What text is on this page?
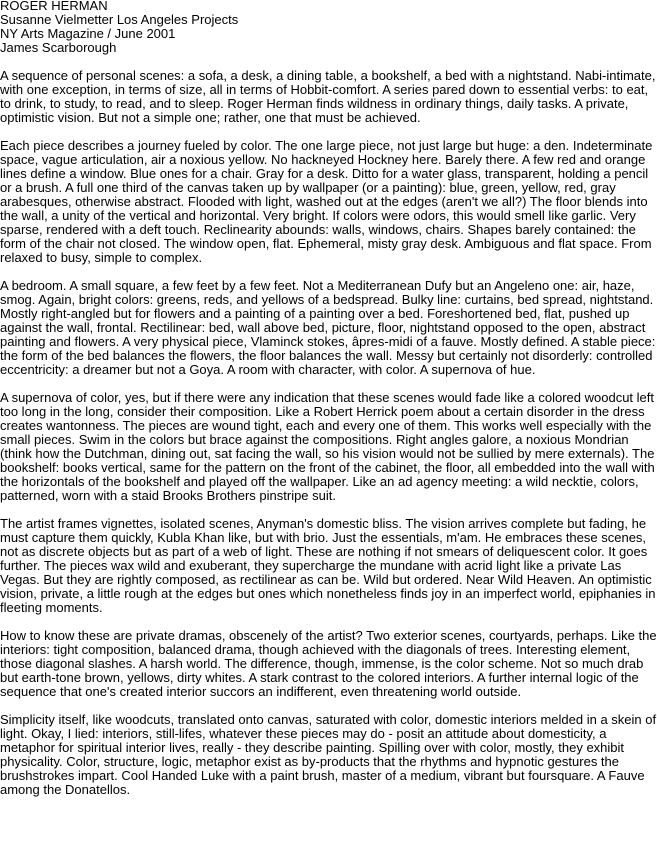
ROGER HERMAN
Susanne Vielmetter Los Angeles Projects
NY Arts Magazine / June 2001
James Scarborough

A sequence of personal scenes: a sofa, a desk, a dining table, a bookshelf, a bed with a nightstand. Nabi-intimate, with one exception, in terms of size, all in terms of Hobbit-comfort. A series pared down to essential verbs: to eat, to drink, to study, to read, and to sleep. Roger Herman finds wildness in ordinary things, daily tasks. A private, optimistic vision. But not a simple one; rather, one that must be achieved.

Each piece describes a journey fueled by color. The one large piece, not just large but huge: a den. Indeterminate space, vague articulation, air a noxious yellow. No hackneyed Hockney here. Barely there. A few red and orange lines define a window. Blue ones for a chair. Gray for a desk. Ditto for a water glass, transparent, holding a pencil or a brush. A full one third of the canvas taken up by wallpaper (or a painting): blue, green, yellow, red, gray arabesques, otherwise abstract. Flooded with light, washed out at the edges (aren't we all?) The floor blends into the wall, a unity of the vertical and horizontal. Very bright. If colors were odors, this would smell like garlic. Very sparse, rendered with a deft touch. Reclinearity abounds: walls, windows, chairs. Shapes barely contained: the form of the chair not closed. The window open, flat. Ephemeral, misty gray desk. Ambiguous and flat space. From relaxed to busy, simple to complex.

A bedroom. A small square, a few feet by a few feet. Not a Mediterranean Dufy but an Angeleno one: air, haze, smog. Again, bright colors: greens, reds, and yellows of a bedspread. Bulky line: curtains, bed spread, nightstand. Mostly right-angled but for flowers and a painting of a painting over a bed. Foreshortened bed, flat, pushed up against the wall, frontal. Rectilinear: bed, wall above bed, picture, floor, nightstand opposed to the open, abstract painting and flowers. A very physical piece, Vlaminck stokes, âpres-midi of a fauve. Mostly defined. A stable piece: the form of the bed balances the flowers, the floor balances the wall. Messy but certainly not disorderly: controlled eccentricity: a dreamer but not a Goya. A room with character, with color. A supernova of hue.

A supernova of color, yes, but if there were any indication that these scenes would fade like a colored woodcut left too long in the long, consider their composition. Like a Robert Herrick poem about a certain disorder in the dress creates wantonness. The pieces are wound tight, each and every one of them. This works well especially with the small pieces. Swim in the colors but brace against the compositions. Right angles galore, a noxious Mondrian (think how the Dutchman, dining out, sat facing the wall, so his vision would not be sullied by mere externals). The bookshelf: books vertical, same for the pattern on the front of the cabinet, the floor, all embedded into the wall with the horizontals of the bookshelf and played off the wallpaper. Like an ad agency meeting: a wild necktie, colors, patterned, worn with a staid Brooks Brothers pinstripe suit.

The artist frames vignettes, isolated scenes, Anyman's domestic bliss. The vision arrives complete but fading, he must capture them quickly, Kubla Khan like, but with brio. Just the essentials, m'am. He embraces these scenes, not as discrete objects but as part of a web of light. These are nothing if not smears of deliquescent color. It goes further. The pieces wax wild and exuberant, they supercharge the mundane with acrid light like a private Las Vegas. But they are rightly composed, as rectilinear as can be. Wild but ordered. Near Wild Heaven. An optimistic vision, private, a little rough at the edges but ones which nonetheless finds joy in an imperfect world, epiphanies in fleeting moments.

How to know these are private dramas, obscenely of the artist? Two exterior scenes, courtyards, perhaps. Like the interiors: tight composition, balanced drama, though achieved with the diagonals of trees. Interesting element, those diagonal slashes. A harsh world. The difference, though, immense, is the color scheme. Not so much drab but earth-tone brown, yellows, dirty whites. A stark contrast to the colored interiors. A further internal logic of the sequence that one's created interior succors an indifferent, even threatening world outside.

Simplicity itself, like woodcuts, translated onto canvas, saturated with color, domestic interiors melded in a skein of light. Okay, I lied: interiors, still-lifes, whatever these pieces may do - posit an attitude about domesticity, a metaphor for spiritual interior lives, really - they describe painting. Spilling over with color, mostly, they exhibit physicality. Color, structure, logic, metaphor exist as by-products that the rhythms and hypnotic gestures the brushstrokes impart. Cool Handed Luke with a paint brush, master of a medium, vibrant but foursquare. A Fauve among the Donatellos.
